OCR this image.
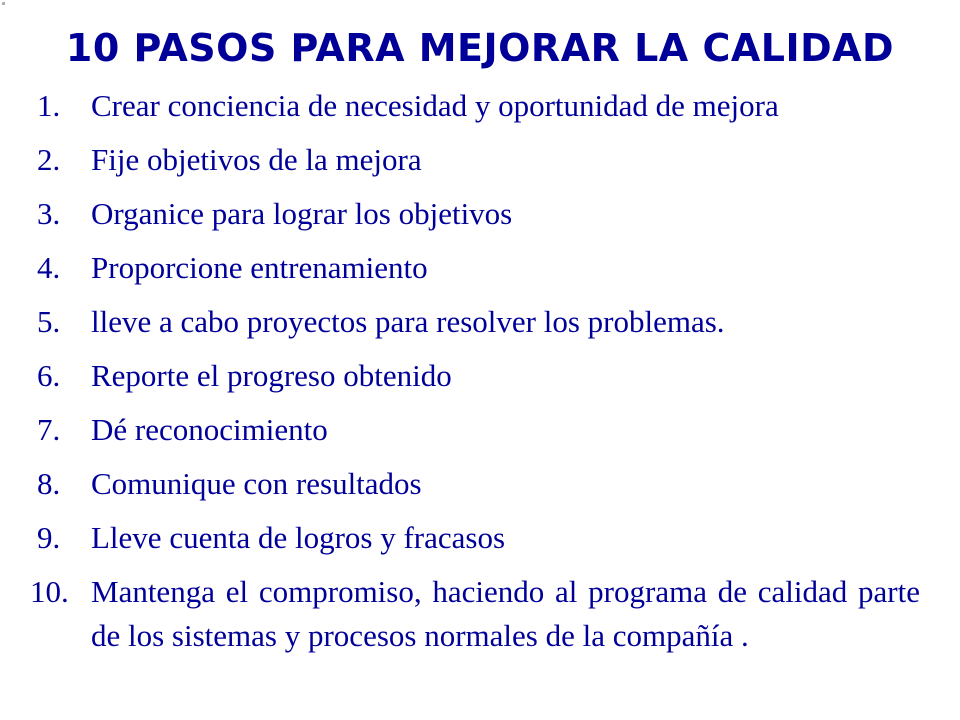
10 PASOS PARA MEJORAR LA CALIDAD
1. Crear conciencia de necesidad y oportunidad de mejora
2. Fije objetivos de la mejora
3. Organice para lograr los objetivos
4. Proporcione entrenamiento
5. lleve a cabo proyectos para resolver los problemas.
6. Reporte el progreso obtenido
7. Dé reconocimiento
8. Comunique con resultados
9. Lleve cuenta de logros y fracasos
10. Mantenga el compromiso, haciendo al programa de calidad parte de los sistemas y procesos normales de la compañía .
